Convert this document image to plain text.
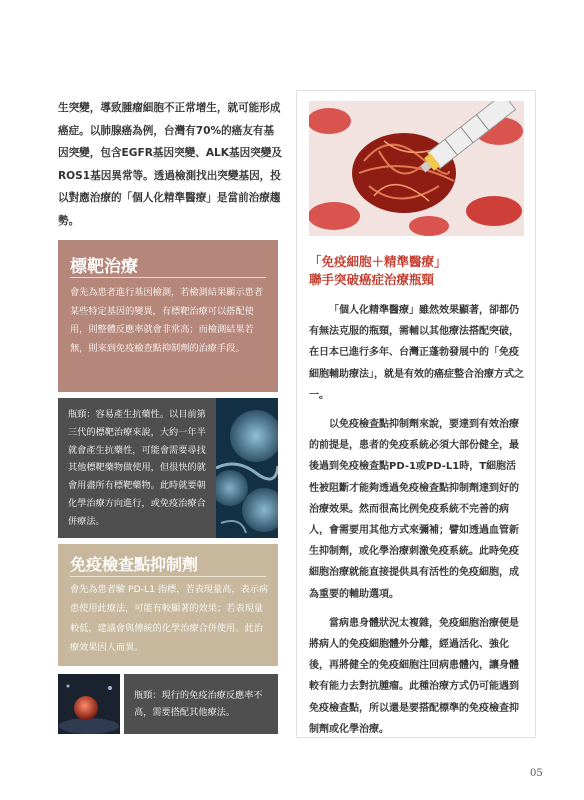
生突變，導致腫瘤細胞不正常增生，就可能形成癌症。以肺腺癌為例，台灣有70%的癌友有基因突變，包含EGFR基因突變、ALK基因突變及ROS1基因異常等。透過檢測找出突變基因，投以對應治療的「個人化精準醫療」是當前治療趨勢。

標靶治療

會先為患者進行基因檢測，若檢測結果顯示患者某些特定基因的變異，有標靶治療可以搭配使用，則整體反應率就會非常高；而檢測結果若無，則來到免疫檢查點抑制劑的治療手段。

瓶頸：容易產生抗藥性。以目前第三代的標靶治療來說，大約一年半就會產生抗藥性，可能會需要尋找其他標靶藥物做使用，但很快的就會用盡所有標靶藥物。此時就要朝化學治療方向進行，或免疫治療合併療法。

免疫檢查點抑制劑

會先為患者驗 PD-L1 指標，若表現量高，表示病患使用此療法，可能有較顯著的效果；若表現量較低，建議會與傳統的化學治療合併使用。此治療效果因人而異。

瓶頸：現行的免疫治療反應率不高，需要搭配其他療法。

「免疫細胞＋精準醫療」
聯手突破癌症治療瓶頸

「個人化精準醫療」雖然效果顯著，卻都仍有無法克服的瓶頸，需輔以其他療法搭配突破，在日本已進行多年、台灣正蓬勃發展中的「免疫細胞輔助療法」，就是有效的癌症整合治療方式之一。

以免疫檢查點抑制劑來說，要達到有效治療的前提是，患者的免疫系統必須大部份健全，最後過到免疫檢查點PD-1或PD-L1時，T細胞活性被阻斷才能夠透過免疫檢查點抑制劑達到好的治療效果。然而很高比例免疫系統不完善的病人，會需要用其他方式來彌補；譬如透過血管新生抑制劑，或化學治療刺激免疫系統。此時免疫細胞治療就能直接提供具有活性的免疫細胞，成為重要的輔助選項。

當病患身體狀況太複雜，免疫細胞治療便是將病人的免疫細胞體外分離，經過活化、強化後，再將健全的免疫細胞注回病患體內，讓身體較有能力去對抗腫瘤。此種治療方式仍可能遇到免疫檢查點，所以還是要搭配標準的免疫檢查抑制劑或化學治療。

05
